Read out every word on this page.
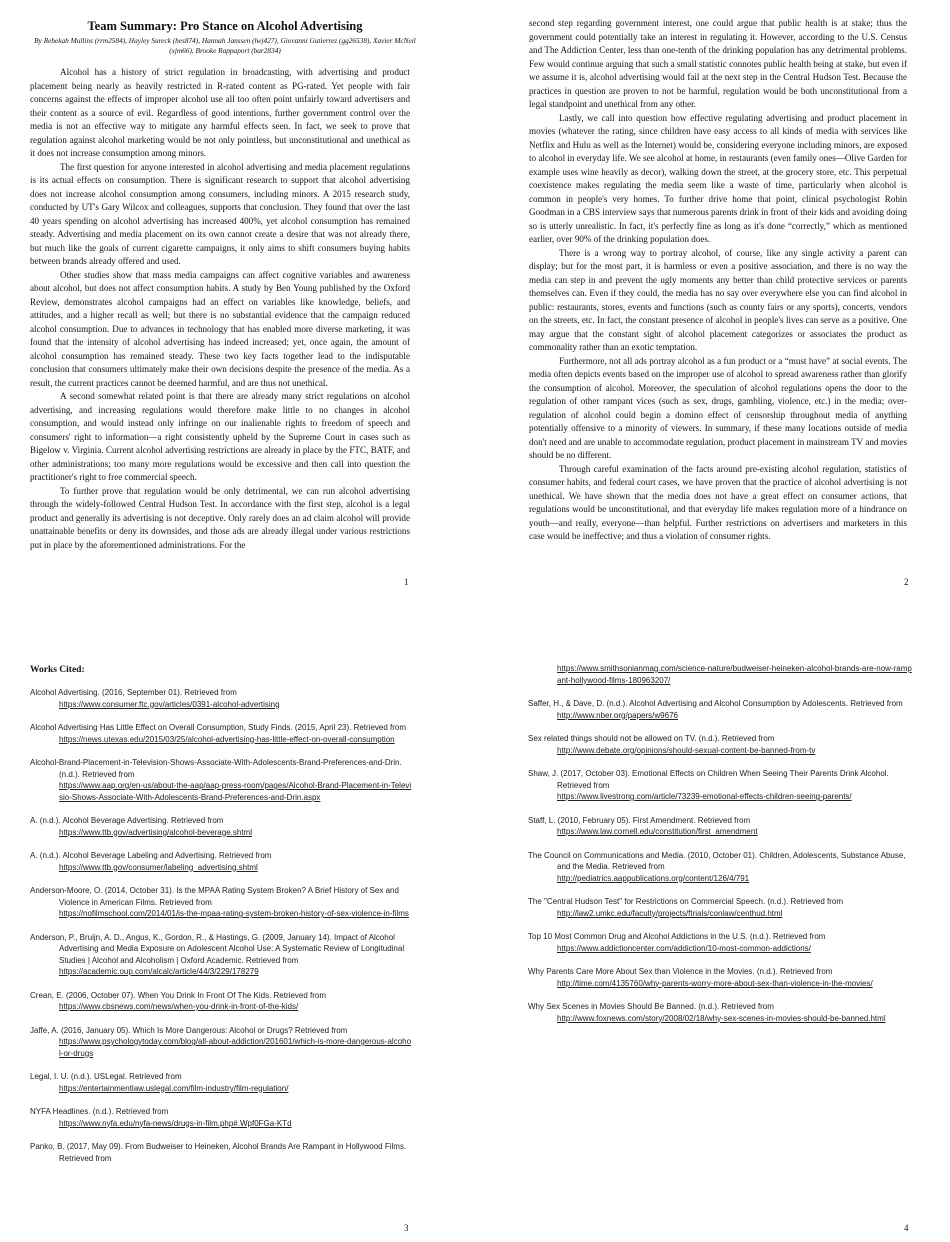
Team Summary: Pro Stance on Alcohol Advertising
By Rebekah Mullins (rrm2584), Hayley Sureck (hes874), Hannah Janssen (hej427), Giovanni Gutierrez (gg26538), Xavier McNeil (xjm66), Brooke Rappaport (bar2834)

Alcohol has a history of strict regulation in broadcasting, with advertising and product placement being nearly as heavily restricted in R-rated content as PG-rated. Yet people with fair concerns against the effects of improper alcohol use all too often point unfairly toward advertisers and their content as a source of evil. Regardless of good intentions, further government control over the media is not an effective way to mitigate any harmful effects seen. In fact, we seek to prove that regulation against alcohol marketing would be not only pointless, but unconstitutional and unethical as it does not increase consumption among minors.

The first question for anyone interested in alcohol advertising and media placement regulations is its actual effects on consumption. There is significant research to support that alcohol advertising does not increase alcohol consumption among consumers, including minors. A 2015 research study, conducted by UT's Gary Wilcox and colleagues, supports that conclusion. They found that over the last 40 years spending on alcohol advertising has increased 400%, yet alcohol consumption has remained steady. Advertising and media placement on its own cannot create a desire that was not already there, but much like the goals of current cigarette campaigns, it only aims to shift consumers buying habits between brands already offered and used.

Other studies show that mass media campaigns can affect cognitive variables and awareness about alcohol, but does not affect consumption habits. A study by Ben Young published by the Oxford Review, demonstrates alcohol campaigns had an effect on variables like knowledge, beliefs, and attitudes, and a higher recall as well; but there is no substantial evidence that the campaign reduced alcohol consumption. Due to advances in technology that has enabled more diverse marketing, it was found that the intensity of alcohol advertising has indeed increased; yet, once again, the amount of alcohol consumption has remained steady. These two key facts together lead to the indisputable conclusion that consumers ultimately make their own decisions despite the presence of the media. As a result, the current practices cannot be deemed harmful, and are thus not unethical.

A second somewhat related point is that there are already many strict regulations on alcohol advertising, and increasing regulations would therefore make little to no changes in alcohol consumption, and would instead only infringe on our inalienable rights to freedom of speech and consumers' right to information—a right consistently upheld by the Supreme Court in cases such as Bigelow v. Virginia. Current alcohol advertising restrictions are already in place by the FTC, BATF, and other administrations; too many more regulations would be excessive and then call into question the practitioner's right to free commercial speech.

To further prove that regulation would be only detrimental, we can run alcohol advertising through the widely-followed Central Hudson Test. In accordance with the first step, alcohol is a legal product and generally its advertising is not deceptive. Only rarely does an ad claim alcohol will provide unattainable benefits or deny its downsides, and those ads are already illegal under various restrictions put in place by the aforementioned administrations. For the

1

second step regarding government interest, one could argue that public health is at stake; thus the government could potentially take an interest in regulating it. However, according to the U.S. Census and The Addiction Center, less than one-tenth of the drinking population has any detrimental problems. Few would continue arguing that such a small statistic connotes public health being at stake, but even if we assume it is, alcohol advertising would fail at the next step in the Central Hudson Test. Because the practices in question are proven to not be harmful, regulation would be both unconstitutional from a legal standpoint and unethical from any other.

Lastly, we call into question how effective regulating advertising and product placement in movies (whatever the rating, since children have easy access to all kinds of media with services like Netflix and Hulu as well as the Internet) would be, considering everyone including minors, are exposed to alcohol in everyday life. We see alcohol at home, in restaurants (even family ones—Olive Garden for example uses wine heavily as decor), walking down the street, at the grocery store, etc. This perpetual coexistence makes regulating the media seem like a waste of time, particularly when alcohol is common in people's very homes. To further drive home that point, clinical psychologist Robin Goodman in a CBS interview says that numerous parents drink in front of their kids and avoiding doing so is utterly unrealistic. In fact, it's perfectly fine as long as it's done “correctly,” which as mentioned earlier, over 90% of the drinking population does.

There is a wrong way to portray alcohol, of course, like any single activity a parent can display; but for the most part, it is harmless or even a positive association, and there is no way the media can step in and prevent the ugly moments any better than child protective services or parents themselves can. Even if they could, the media has no say over everywhere else you can find alcohol in public: restaurants, stores, events and functions (such as county fairs or any sports), concerts, vendors on the streets, etc. In fact, the constant presence of alcohol in people's lives can serve as a positive. One may argue that the constant sight of alcohol placement categorizes or associates the product as commonality rather than an exotic temptation.

Furthermore, not all ads portray alcohol as a fun product or a “must have” at social events. The media often depicts events based on the improper use of alcohol to spread awareness rather than glorify the consumption of alcohol. Moreover, the speculation of alcohol regulations opens the door to the regulation of other rampant vices (such as sex, drugs, gambling, violence, etc.) in the media; over-regulation of alcohol could begin a domino effect of censorship throughout media of anything potentially offensive to a minority of viewers. In summary, if these many locations outside of media don't need and are unable to accommodate regulation, product placement in mainstream TV and movies should be no different.

Through careful examination of the facts around pre-existing alcohol regulation, statistics of consumer habits, and federal court cases, we have proven that the practice of alcohol advertising is not unethical. We have shown that the media does not have a great effect on consumer actions, that regulations would be unconstitutional, and that everyday life makes regulation more of a hindrance on youth—and really, everyone—than helpful. Further restrictions on advertisers and marketers in this case would be ineffective; and thus a violation of consumer rights.

2
Works Cited:

Alcohol Advertising. (2016, September 01). Retrieved from
https://www.consumer.ftc.gov/articles/0391-alcohol-advertising

Alcohol Advertising Has Little Effect on Overall Consumption, Study Finds. (2015, April 23). Retrieved from
https://news.utexas.edu/2015/03/25/alcohol-advertising-has-little-effect-on-overall-consumption

Alcohol-Brand-Placement-in-Television-Shows-Associate-With-Adolescents-Brand-Preferences-and-Drin. (n.d.). Retrieved from
https://www.aap.org/en-us/about-the-aap/aap-press-room/pages/Alcohol-Brand-Placement-in-Televisio-Shows-Associate-With-Adolescents-Brand-Preferences-and-Drin.aspx

A. (n.d.). Alcohol Beverage Advertising. Retrieved from
https://www.ttb.gov/advertising/alcohol-beverage.shtml

A. (n.d.). Alcohol Beverage Labeling and Advertising. Retrieved from
https://www.ttb.gov/consumer/labeling_advertising.shtml

Anderson-Moore, O. (2014, October 31). Is the MPAA Rating System Broken? A Brief History of Sex and Violence in American Films. Retrieved from
https://nofilmschool.com/2014/01/is-the-mpaa-rating-system-broken-history-of-sex-violence-in-films

Anderson, P., Bruijn, A. D., Angus, K., Gordon, R., & Hastings, G. (2009, January 14). Impact of Alcohol Advertising and Media Exposure on Adolescent Alcohol Use: A Systematic Review of Longitudinal Studies | Alcohol and Alcoholism | Oxford Academic. Retrieved from
https://academic.oup.com/alcalc/article/44/3/229/178279

Crean, E. (2006, October 07). When You Drink In Front Of The Kids. Retrieved from
https://www.cbsnews.com/news/when-you-drink-in-front-of-the-kids/

Jaffe, A. (2016, January 05). Which Is More Dangerous: Alcohol or Drugs? Retrieved from
https://www.psychologytoday.com/blog/all-about-addiction/201601/which-is-more-dangerous-alcohol-or-drugs

Legal, I. U. (n.d.). USLegal. Retrieved from
https://entertainmentlaw.uslegal.com/film-industry/film-regulation/

NYFA Headlines. (n.d.). Retrieved from
https://www.nyfa.edu/nyfa-news/drugs-in-film.php#.Wpf0FGa-KTd

Panko, B. (2017, May 09). From Budweiser to Heineken, Alcohol Brands Are Rampant in Hollywood Films. Retrieved from

3

https://www.smithsonianmag.com/science-nature/budweiser-heineken-alcohol-brands-are-now-rampant-hollywood-films-180963207/

Saffer, H., & Dave, D. (n.d.). Alcohol Advertising and Alcohol Consumption by Adolescents. Retrieved from
http://www.nber.org/papers/w9676

Sex related things should not be allowed on TV. (n.d.). Retrieved from
http://www.debate.org/opinions/should-sexual-content-be-banned-from-tv

Shaw, J. (2017, October 03). Emotional Effects on Children When Seeing Their Parents Drink Alcohol. Retrieved from
https://www.livestrong.com/article/73239-emotional-effects-children-seeing-parents/

Staff, L. (2010, February 05). First Amendment. Retrieved from
https://www.law.cornell.edu/constitution/first_amendment

The Council on Communications and Media. (2010, October 01). Children, Adolescents, Substance Abuse, and the Media. Retrieved from
http://pediatrics.aappublications.org/content/126/4/791

The "Central Hudson Test" for Restrictions on Commercial Speech. (n.d.). Retrieved from
http://law2.umkc.edu/faculty/projects/ftrials/conlaw/centhud.html

Top 10 Most Common Drug and Alcohol Addictions in the U.S. (n.d.). Retrieved from
https://www.addictioncenter.com/addiction/10-most-common-addictions/

Why Parents Care More About Sex than Violence in the Movies. (n.d.). Retrieved from
http://time.com/4135760/why-parents-worry-more-about-sex-than-violence-in-the-movies/

Why Sex Scenes in Movies Should Be Banned. (n.d.). Retrieved from
http://www.foxnews.com/story/2008/02/18/why-sex-scenes-in-movies-should-be-banned.html

4
